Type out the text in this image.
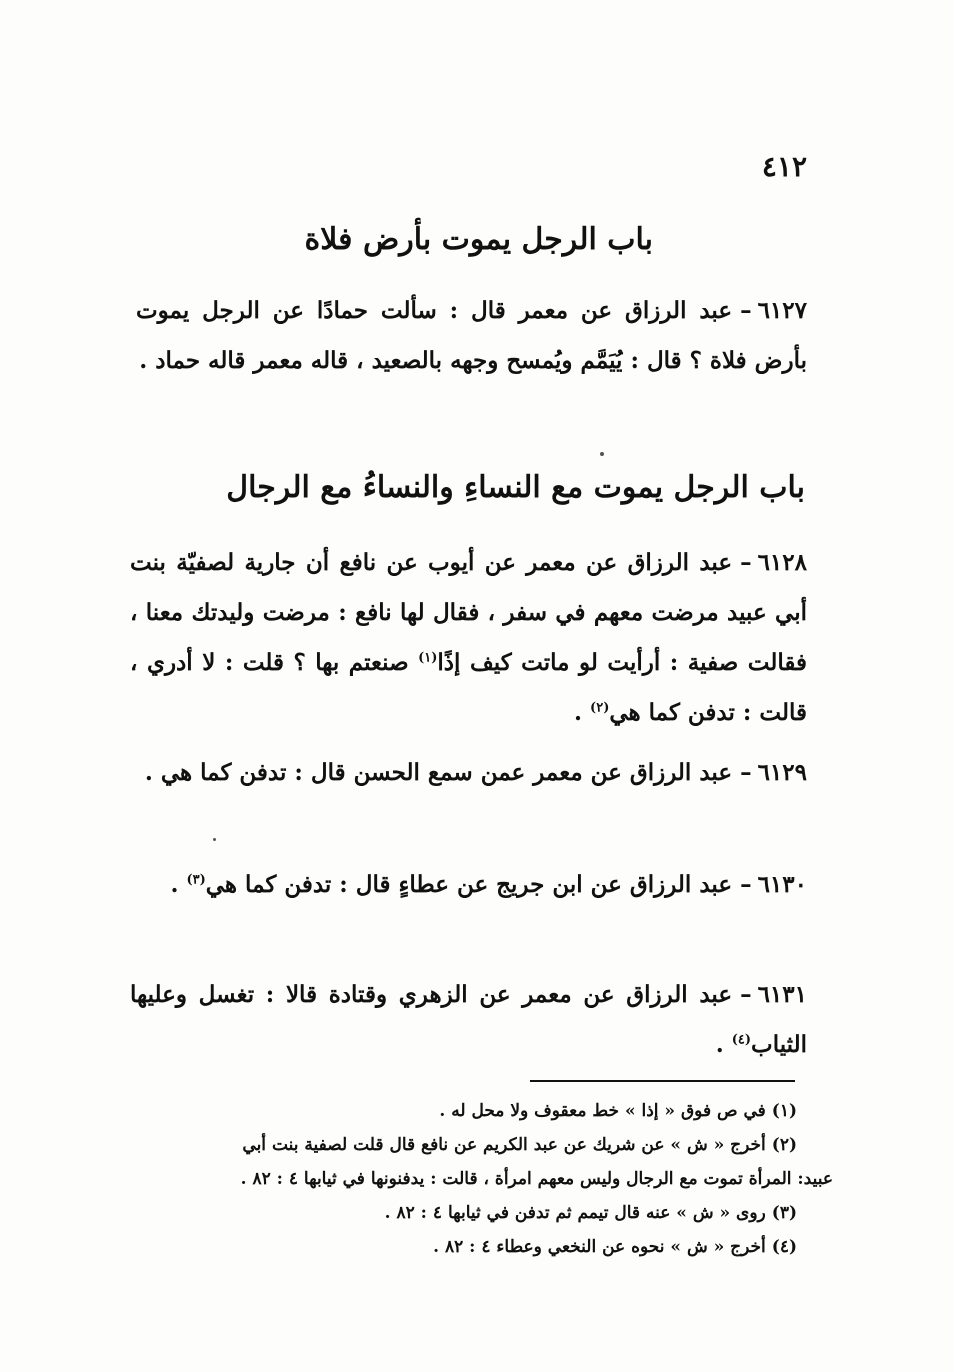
٤١٢
باب الرجل يموت بأرض فلاة
٦١٢٧–عبد الرزاق عن معمر قال : سألت حمادًا عن الرجل يموت بأرض فلاة ؟ قال : يُيَمَّم ويُمسح وجهه بالصعيد ، قاله معمر قاله حماد .
باب الرجل يموت مع النساءِ والنساءُ مع الرجال
٦١٢٨–عبد الرزاق عن معمر عن أيوب عن نافع أن جارية لصفيّة بنت أبي عبيد مرضت معهم في سفر ، فقال لها نافع : مرضت وليدتك معنا ، فقالت صفية : أرأيت لو ماتت كيف إذًا$^{(١)}$ صنعتم بها ؟ قلت : لا أدري ، قالت : تدفن كما هي$^{(٢)}$ .
٦١٢٩–عبد الرزاق عن معمر عمن سمع الحسن قال : تدفن كما هي .
٦١٣٠–عبد الرزاق عن ابن جريج عن عطاءٍ قال : تدفن كما هي$^{(٣)}$ .
٦١٣١–عبد الرزاق عن معمر عن الزهري وقتادة قالا : تغسل وعليها الثياب$^{(٤)}$ .
(١)في ص فوق « إذا » خط معقوف ولا محل له .
(٢)أخرج « ش » عن شريك عن عبد الكريم عن نافع قال قلت لصفية بنت أبي
عبيد: المرأة تموت مع الرجال وليس معهم امرأة ، قالت : يدفنونها في ثيابها ٤ : ٨٢ .
(٣)روى « ش » عنه قال تيمم ثم تدفن في ثيابها ٤ : ٨٢ .
(٤)أخرج « ش » نحوه عن النخعي وعطاء ٤ : ٨٢ .
